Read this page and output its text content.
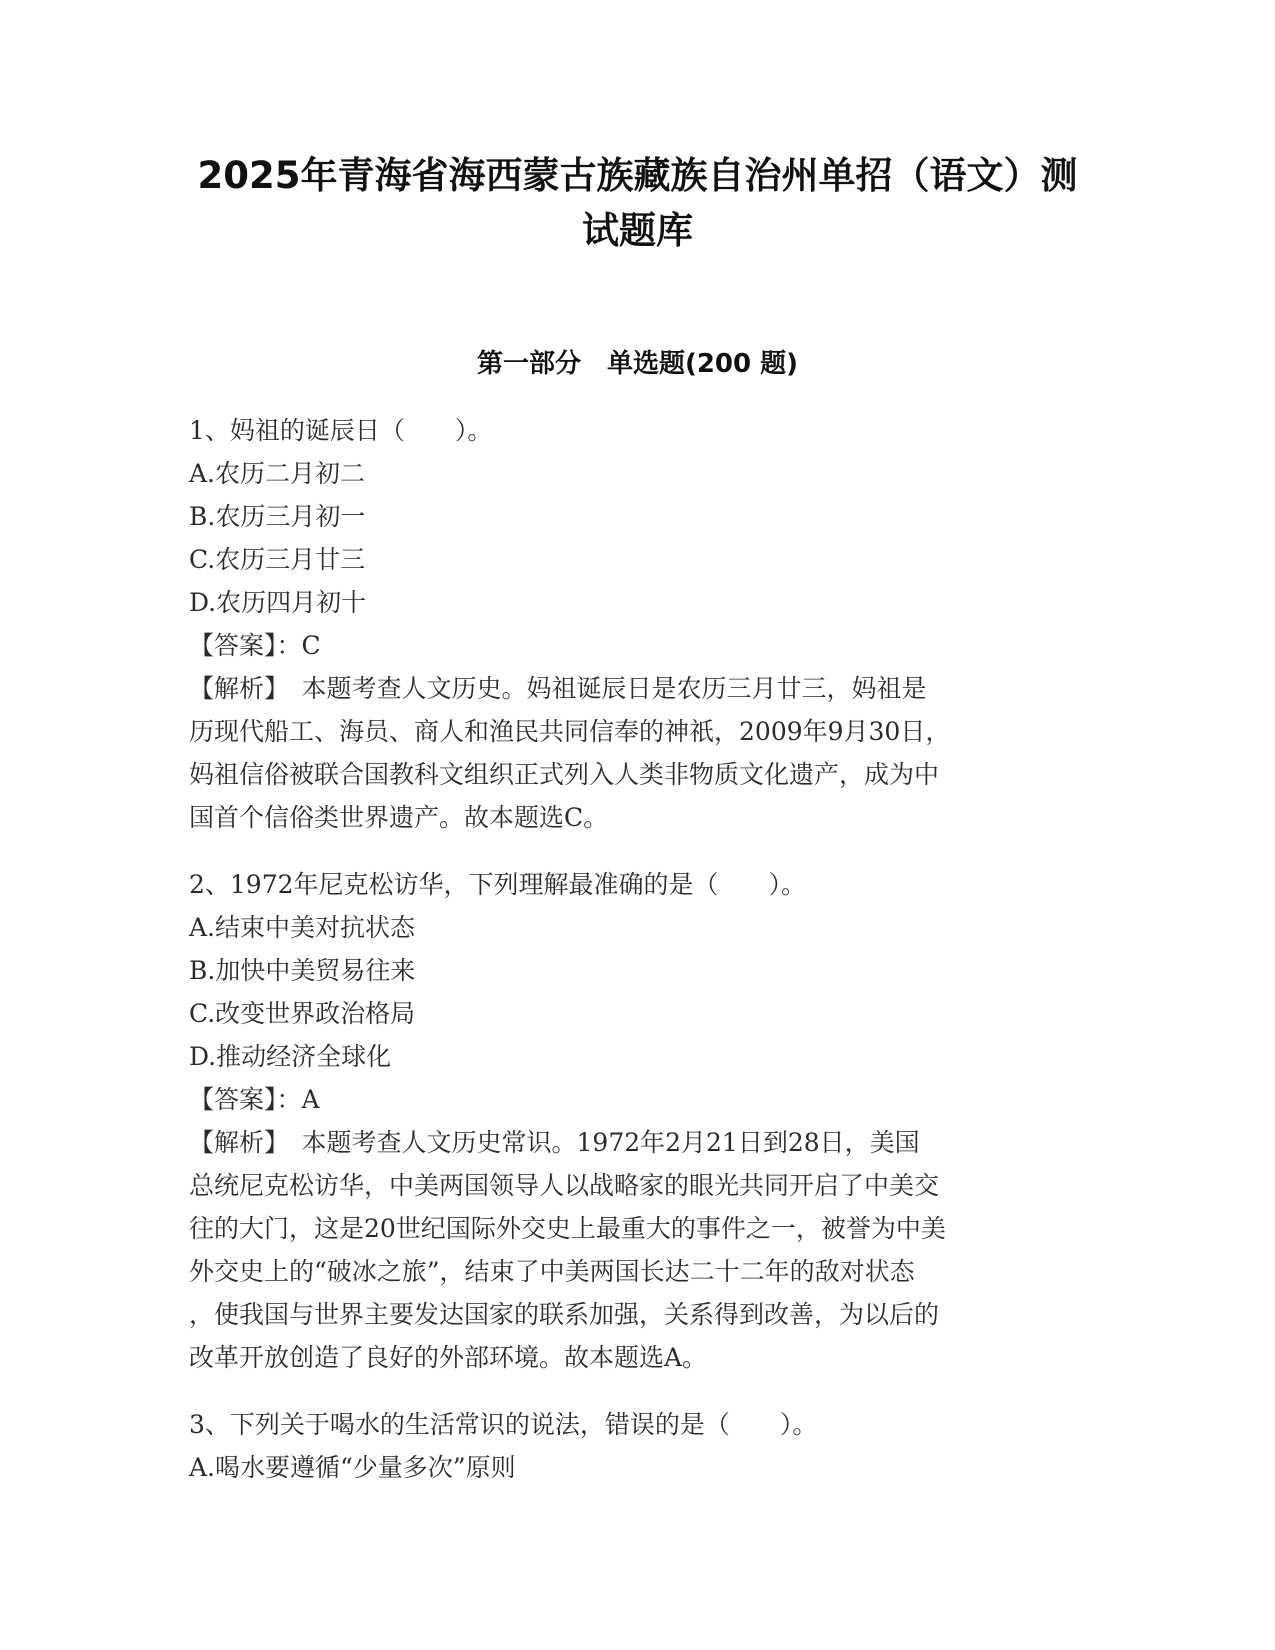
2025年青海省海西蒙古族藏族自治州单招（语文）测
试题库
第一部分　单选题(200 题)
1、妈祖的诞辰日（　　）。
A.农历二月初二
B.农历三月初一
C.农历三月廿三
D.农历四月初十
【答案】：C
【解析】　本题考查人文历史。妈祖诞辰日是农历三月廿三，妈祖是
历现代船工、海员、商人和渔民共同信奉的神祇，2009年9月30日，
妈祖信俗被联合国教科文组织正式列入人类非物质文化遗产，成为中
国首个信俗类世界遗产。故本题选C。
2、1972年尼克松访华，下列理解最准确的是（　　）。
A.结束中美对抗状态
B.加快中美贸易往来
C.改变世界政治格局
D.推动经济全球化
【答案】：A
【解析】　本题考查人文历史常识。1972年2月21日到28日，美国
总统尼克松访华，中美两国领导人以战略家的眼光共同开启了中美交
往的大门，这是20世纪国际外交史上最重大的事件之一，被誉为中美
外交史上的“破冰之旅”，结束了中美两国长达二十二年的敌对状态
，使我国与世界主要发达国家的联系加强，关系得到改善，为以后的
改革开放创造了良好的外部环境。故本题选A。
3、下列关于喝水的生活常识的说法，错误的是（　　）。
A.喝水要遵循“少量多次”原则
